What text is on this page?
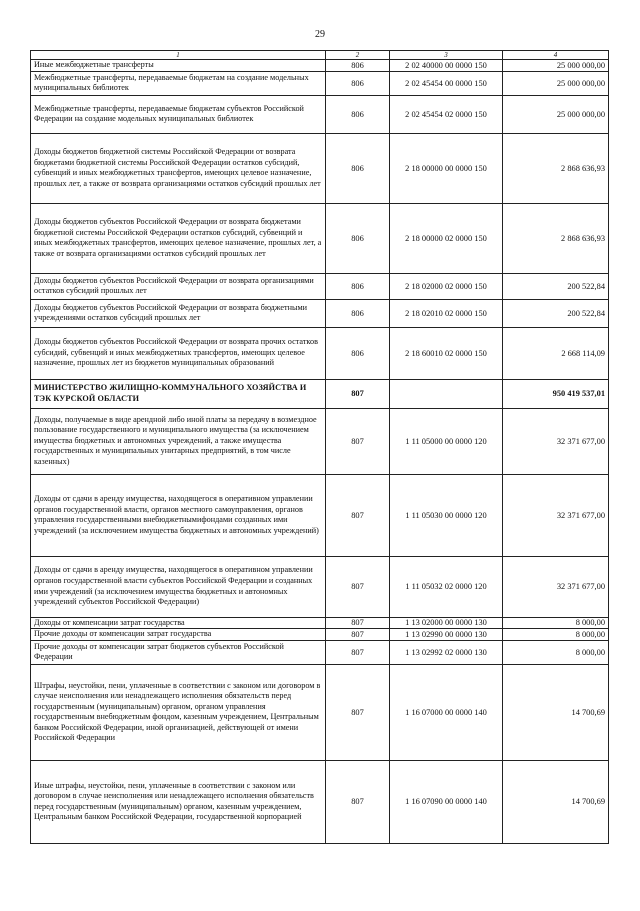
29
1	2	3	4
Иные межбюджетные трансферты	806	2 02 40000 00 0000 150	25 000 000,00
Межбюджетные трансферты, передаваемые бюджетам на создание модельных муниципальных библиотек	806	2 02 45454 00 0000 150	25 000 000,00
Межбюджетные трансферты, передаваемые бюджетам субъектов Российской Федерации на создание модельных муниципальных библиотек	806	2 02 45454 02 0000 150	25 000 000,00
Доходы бюджетов бюджетной системы Российской Федерации от возврата бюджетами бюджетной системы Российской Федерации остатков субсидий, субвенций и иных межбюджетных трансфертов, имеющих целевое назначение, прошлых лет, а также от возврата организациями остатков субсидий прошлых лет	806	2 18 00000 00 0000 150	2 868 636,93
Доходы бюджетов субъектов Российской Федерации от возврата бюджетами бюджетной системы Российской Федерации остатков субсидий, субвенций и иных межбюджетных трансфертов, имеющих целевое назначение, прошлых лет, а также от возврата организациями остатков субсидий прошлых лет	806	2 18 00000 02 0000 150	2 868 636,93
Доходы бюджетов субъектов Российской Федерации от возврата организациями остатков субсидий прошлых лет	806	2 18 02000 02 0000 150	200 522,84
Доходы бюджетов субъектов Российской Федерации от возврата бюджетными учреждениями остатков субсидий прошлых лет	806	2 18 02010 02 0000 150	200 522,84
Доходы бюджетов субъектов Российской Федерации от возврата прочих остатков субсидий, субвенций и иных межбюджетных трансфертов, имеющих целевое назначение, прошлых лет из бюджетов муниципальных образований	806	2 18 60010 02 0000 150	2 668 114,09
МИНИСТЕРСТВО ЖИЛИЩНО-КОММУНАЛЬНОГО ХОЗЯЙСТВА И ТЭК КУРСКОЙ ОБЛАСТИ	807		950 419 537,01
Доходы, получаемые в виде арендной либо иной платы за передачу в возмездное пользование государственного и муниципального имущества (за исключением имущества бюджетных и автономных учреждений, а также имущества государственных и муниципальных унитарных предприятий, в том числе казенных)	807	1 11 05000 00 0000 120	32 371 677,00
Доходы от сдачи в аренду имущества, находящегося в оперативном управлении органов государственной власти, органов местного самоуправления, органов управления государственными внебюджетнымифондами созданных ими учреждений (за исключением имущества бюджетных и автономных учреждений)	807	1 11 05030 00 0000 120	32 371 677,00
Доходы от сдачи в аренду имущества, находящегося в оперативном управлении органов государственной власти субъектов Российской Федерации и созданных ими учреждений (за исключением имущества бюджетных и автономных учреждений субъектов Российской Федерации)	807	1 11 05032 02 0000 120	32 371 677,00
Доходы от компенсации затрат государства	807	1 13 02000 00 0000 130	8 000,00
Прочие доходы от компенсации затрат государства	807	1 13 02990 00 0000 130	8 000,00
Прочие доходы от компенсации затрат бюджетов субъектов Российской Федерации	807	1 13 02992 02 0000 130	8 000,00
Штрафы, неустойки, пени, уплаченные в соответствии с законом или договором в случае неисполнения или ненадлежащего исполнения обязательств перед государственным (муниципальным) органом, органом управления государственным внебюджетным фондом, казенным учреждением, Центральным банком Российской Федерации, иной организацией, действующей от имени Российской Федерации	807	1 16 07000 00 0000 140	14 700,69
Иные штрафы, неустойки, пени, уплаченные в соответствии с законом или договором в случае неисполнения или ненадлежащего исполнения обязательств перед государственным (муниципальным) органом, казенным учреждением, Центральным банком Российской Федерации, государственной корпорацией	807	1 16 07090 00 0000 140	14 700,69
